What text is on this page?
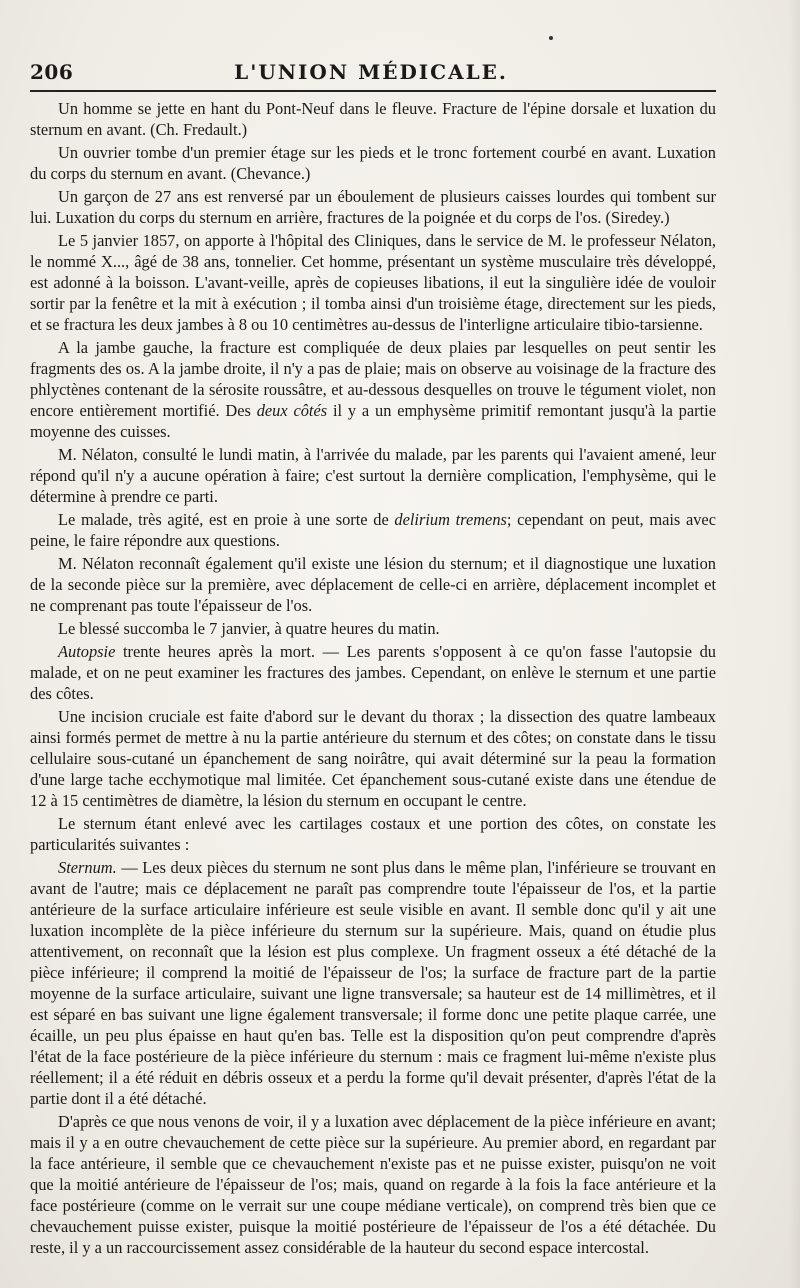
206	L'UNION MÉDICALE.

Un homme se jette en hant du Pont-Neuf dans le fleuve. Fracture de l'épine dorsale et luxation du sternum en avant. (Ch. Fredault.)

Un ouvrier tombe d'un premier étage sur les pieds et le tronc fortement courbé en avant. Luxation du corps du sternum en avant. (Chevance.)

Un garçon de 27 ans est renversé par un éboulement de plusieurs caisses lourdes qui tombent sur lui. Luxation du corps du sternum en arrière, fractures de la poignée et du corps de l'os. (Siredey.)

Le 5 janvier 1857, on apporte à l'hôpital des Cliniques, dans le service de M. le professeur Nélaton, le nommé X..., âgé de 38 ans, tonnelier. Cet homme, présentant un système musculaire très développé, est adonné à la boisson. L'avant-veille, après de copieuses libations, il eut la singulière idée de vouloir sortir par la fenêtre et la mit à exécution ; il tomba ainsi d'un troisième étage, directement sur les pieds, et se fractura les deux jambes à 8 ou 10 centimètres au-dessus de l'interligne articulaire tibio-tarsienne.

A la jambe gauche, la fracture est compliquée de deux plaies par lesquelles on peut sentir les fragments des os. A la jambe droite, il n'y a pas de plaie; mais on observe au voisinage de la fracture des phlyctènes contenant de la sérosite roussâtre, et au-dessous desquelles on trouve le tégument violet, non encore entièrement mortifié. Des deux côtés il y a un emphysème primitif remontant jusqu'à la partie moyenne des cuisses.

M. Nélaton, consulté le lundi matin, à l'arrivée du malade, par les parents qui l'avaient amené, leur répond qu'il n'y a aucune opération à faire; c'est surtout la dernière complication, l'emphysème, qui le détermine à prendre ce parti.

Le malade, très agité, est en proie à une sorte de delirium tremens; cependant on peut, mais avec peine, le faire répondre aux questions.

M. Nélaton reconnaît également qu'il existe une lésion du sternum; et il diagnostique une luxation de la seconde pièce sur la première, avec déplacement de celle-ci en arrière, déplacement incomplet et ne comprenant pas toute l'épaisseur de l'os.

Le blessé succomba le 7 janvier, à quatre heures du matin.

Autopsie trente heures après la mort. — Les parents s'opposent à ce qu'on fasse l'autopsie du malade, et on ne peut examiner les fractures des jambes. Cependant, on enlève le sternum et une partie des côtes.

Une incision cruciale est faite d'abord sur le devant du thorax ; la dissection des quatre lambeaux ainsi formés permet de mettre à nu la partie antérieure du sternum et des côtes; on constate dans le tissu cellulaire sous-cutané un épanchement de sang noirâtre, qui avait déterminé sur la peau la formation d'une large tache ecchymotique mal limitée. Cet épanchement sous-cutané existe dans une étendue de 12 à 15 centimètres de diamètre, la lésion du sternum en occupant le centre.

Le sternum étant enlevé avec les cartilages costaux et une portion des côtes, on constate les particularités suivantes :

Sternum. — Les deux pièces du sternum ne sont plus dans le même plan, l'inférieure se trouvant en avant de l'autre; mais ce déplacement ne paraît pas comprendre toute l'épaisseur de l'os, et la partie antérieure de la surface articulaire inférieure est seule visible en avant. Il semble donc qu'il y ait une luxation incomplète de la pièce inférieure du sternum sur la supérieure. Mais, quand on étudie plus attentivement, on reconnaît que la lésion est plus complexe. Un fragment osseux a été détaché de la pièce inférieure; il comprend la moitié de l'épaisseur de l'os; la surface de fracture part de la partie moyenne de la surface articulaire, suivant une ligne transversale; sa hauteur est de 14 millimètres, et il est séparé en bas suivant une ligne également transversale; il forme donc une petite plaque carrée, une écaille, un peu plus épaisse en haut qu'en bas. Telle est la disposition qu'on peut comprendre d'après l'état de la face postérieure de la pièce inférieure du sternum : mais ce fragment lui-même n'existe plus réellement; il a été réduit en débris osseux et a perdu la forme qu'il devait présenter, d'après l'état de la partie dont il a été détaché.

D'après ce que nous venons de voir, il y a luxation avec déplacement de la pièce inférieure en avant; mais il y a en outre chevauchement de cette pièce sur la supérieure. Au premier abord, en regardant par la face antérieure, il semble que ce chevauchement n'existe pas et ne puisse exister, puisqu'on ne voit que la moitié antérieure de l'épaisseur de l'os; mais, quand on regarde à la fois la face antérieure et la face postérieure (comme on le verrait sur une coupe médiane verticale), on comprend très bien que ce chevauchement puisse exister, puisque la moitié postérieure de l'épaisseur de l'os a été détachée. Du reste, il y a un raccourcissement assez considérable de la hauteur du second espace intercostal.
